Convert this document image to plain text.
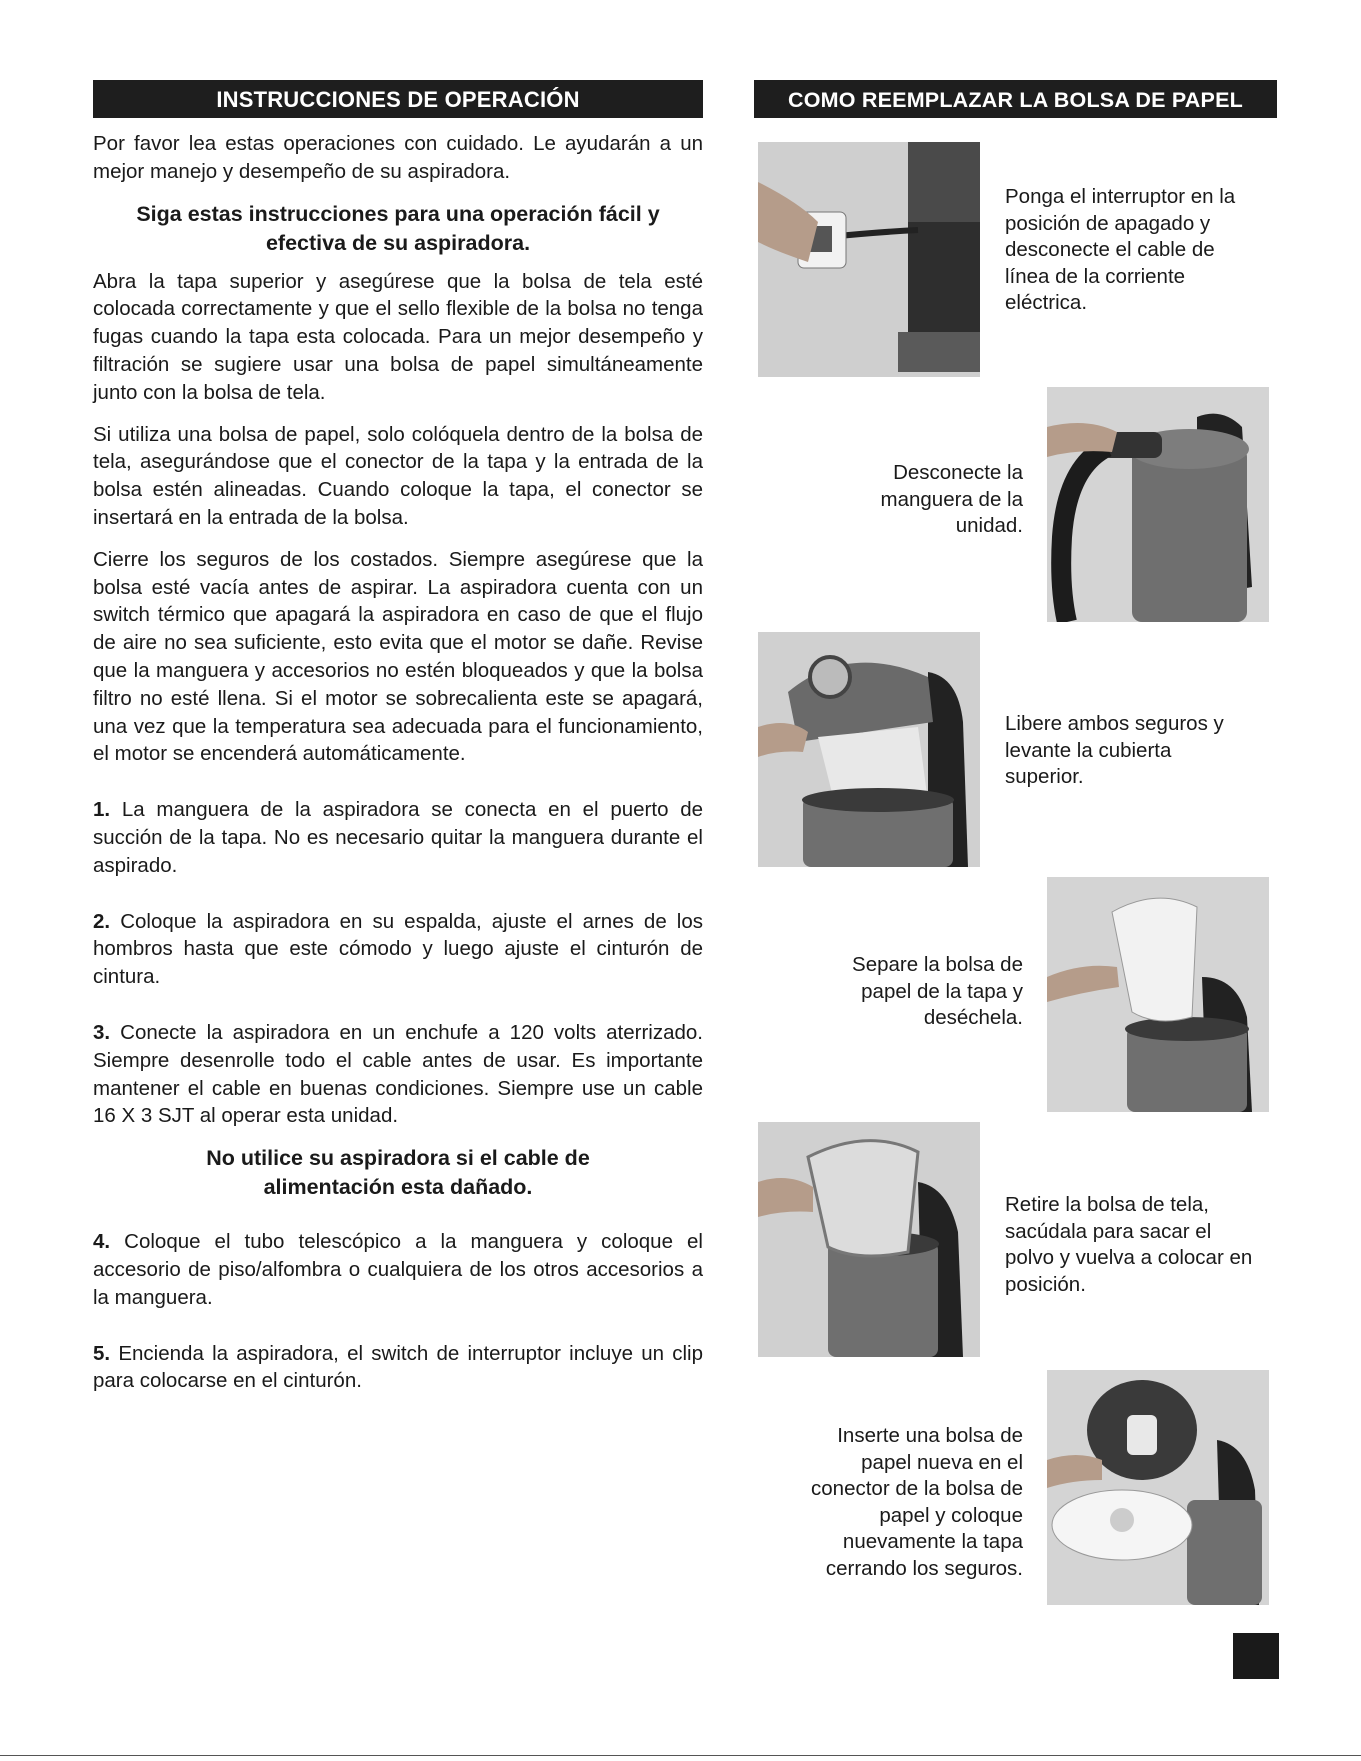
INSTRUCCIONES DE OPERACIÓN

Por favor lea estas operaciones con cuidado. Le ayudarán a un mejor manejo y desempeño de su aspiradora.

Siga estas instrucciones para una operación fácil y efectiva de su aspiradora.

Abra la tapa superior y asegúrese que la bolsa de tela esté colocada correctamente y que el sello flexible de la bolsa no tenga fugas cuando la tapa esta colocada. Para un mejor desempeño y filtración se sugiere usar una bolsa de papel simultáneamente junto con la bolsa de tela.

Si utiliza una bolsa de papel, solo colóquela dentro de la bolsa de tela, asegurándose que el conector de la tapa y la entrada de la bolsa estén alineadas. Cuando coloque la tapa, el conector se insertará en la entrada de la bolsa.

Cierre los seguros de los costados. Siempre asegúrese que la bolsa esté vacía antes de aspirar. La aspiradora cuenta con un switch térmico que apagará la aspiradora en caso de que el flujo de aire no sea suficiente, esto evita que el motor se dañe. Revise que la manguera y accesorios no estén bloqueados y que la bolsa filtro no esté llena. Si el motor se sobrecalienta este se apagará, una vez que la temperatura sea adecuada para el funcionamiento, el motor se encenderá automáticamente.

1. La manguera de la aspiradora se conecta en el puerto de succión de la tapa. No es necesario quitar la manguera durante el aspirado.

2. Coloque la aspiradora en su espalda, ajuste el arnes de los hombros hasta que este cómodo y luego ajuste el cinturón de cintura.

3. Conecte la aspiradora en un enchufe a 120 volts aterrizado. Siempre desenrolle todo el cable antes de usar. Es importante mantener el cable en buenas condiciones. Siempre use un cable 16 X 3 SJT al operar esta unidad.

No utilice su aspiradora si el cable de alimentación esta dañado.

4. Coloque el tubo telescópico a la manguera y coloque el accesorio de piso/alfombra o cualquiera de los otros accesorios a la manguera.

5. Encienda la aspiradora, el switch de interruptor incluye un clip para colocarse en el cinturón.

COMO REEMPLAZAR LA BOLSA DE PAPEL
Ponga el interruptor en la posición de apagado y desconecte el cable de línea de la corriente eléctrica.
Desconecte la manguera de la unidad.
Libere ambos seguros y levante la cubierta superior.
Separe la bolsa de papel de la tapa y deséchela.
Retire la bolsa de tela, sacúdala para sacar el polvo y vuelva a colocar en posición.
Inserte una bolsa de papel nueva en el conector de la bolsa de papel y coloque nuevamente la tapa cerrando los seguros.
